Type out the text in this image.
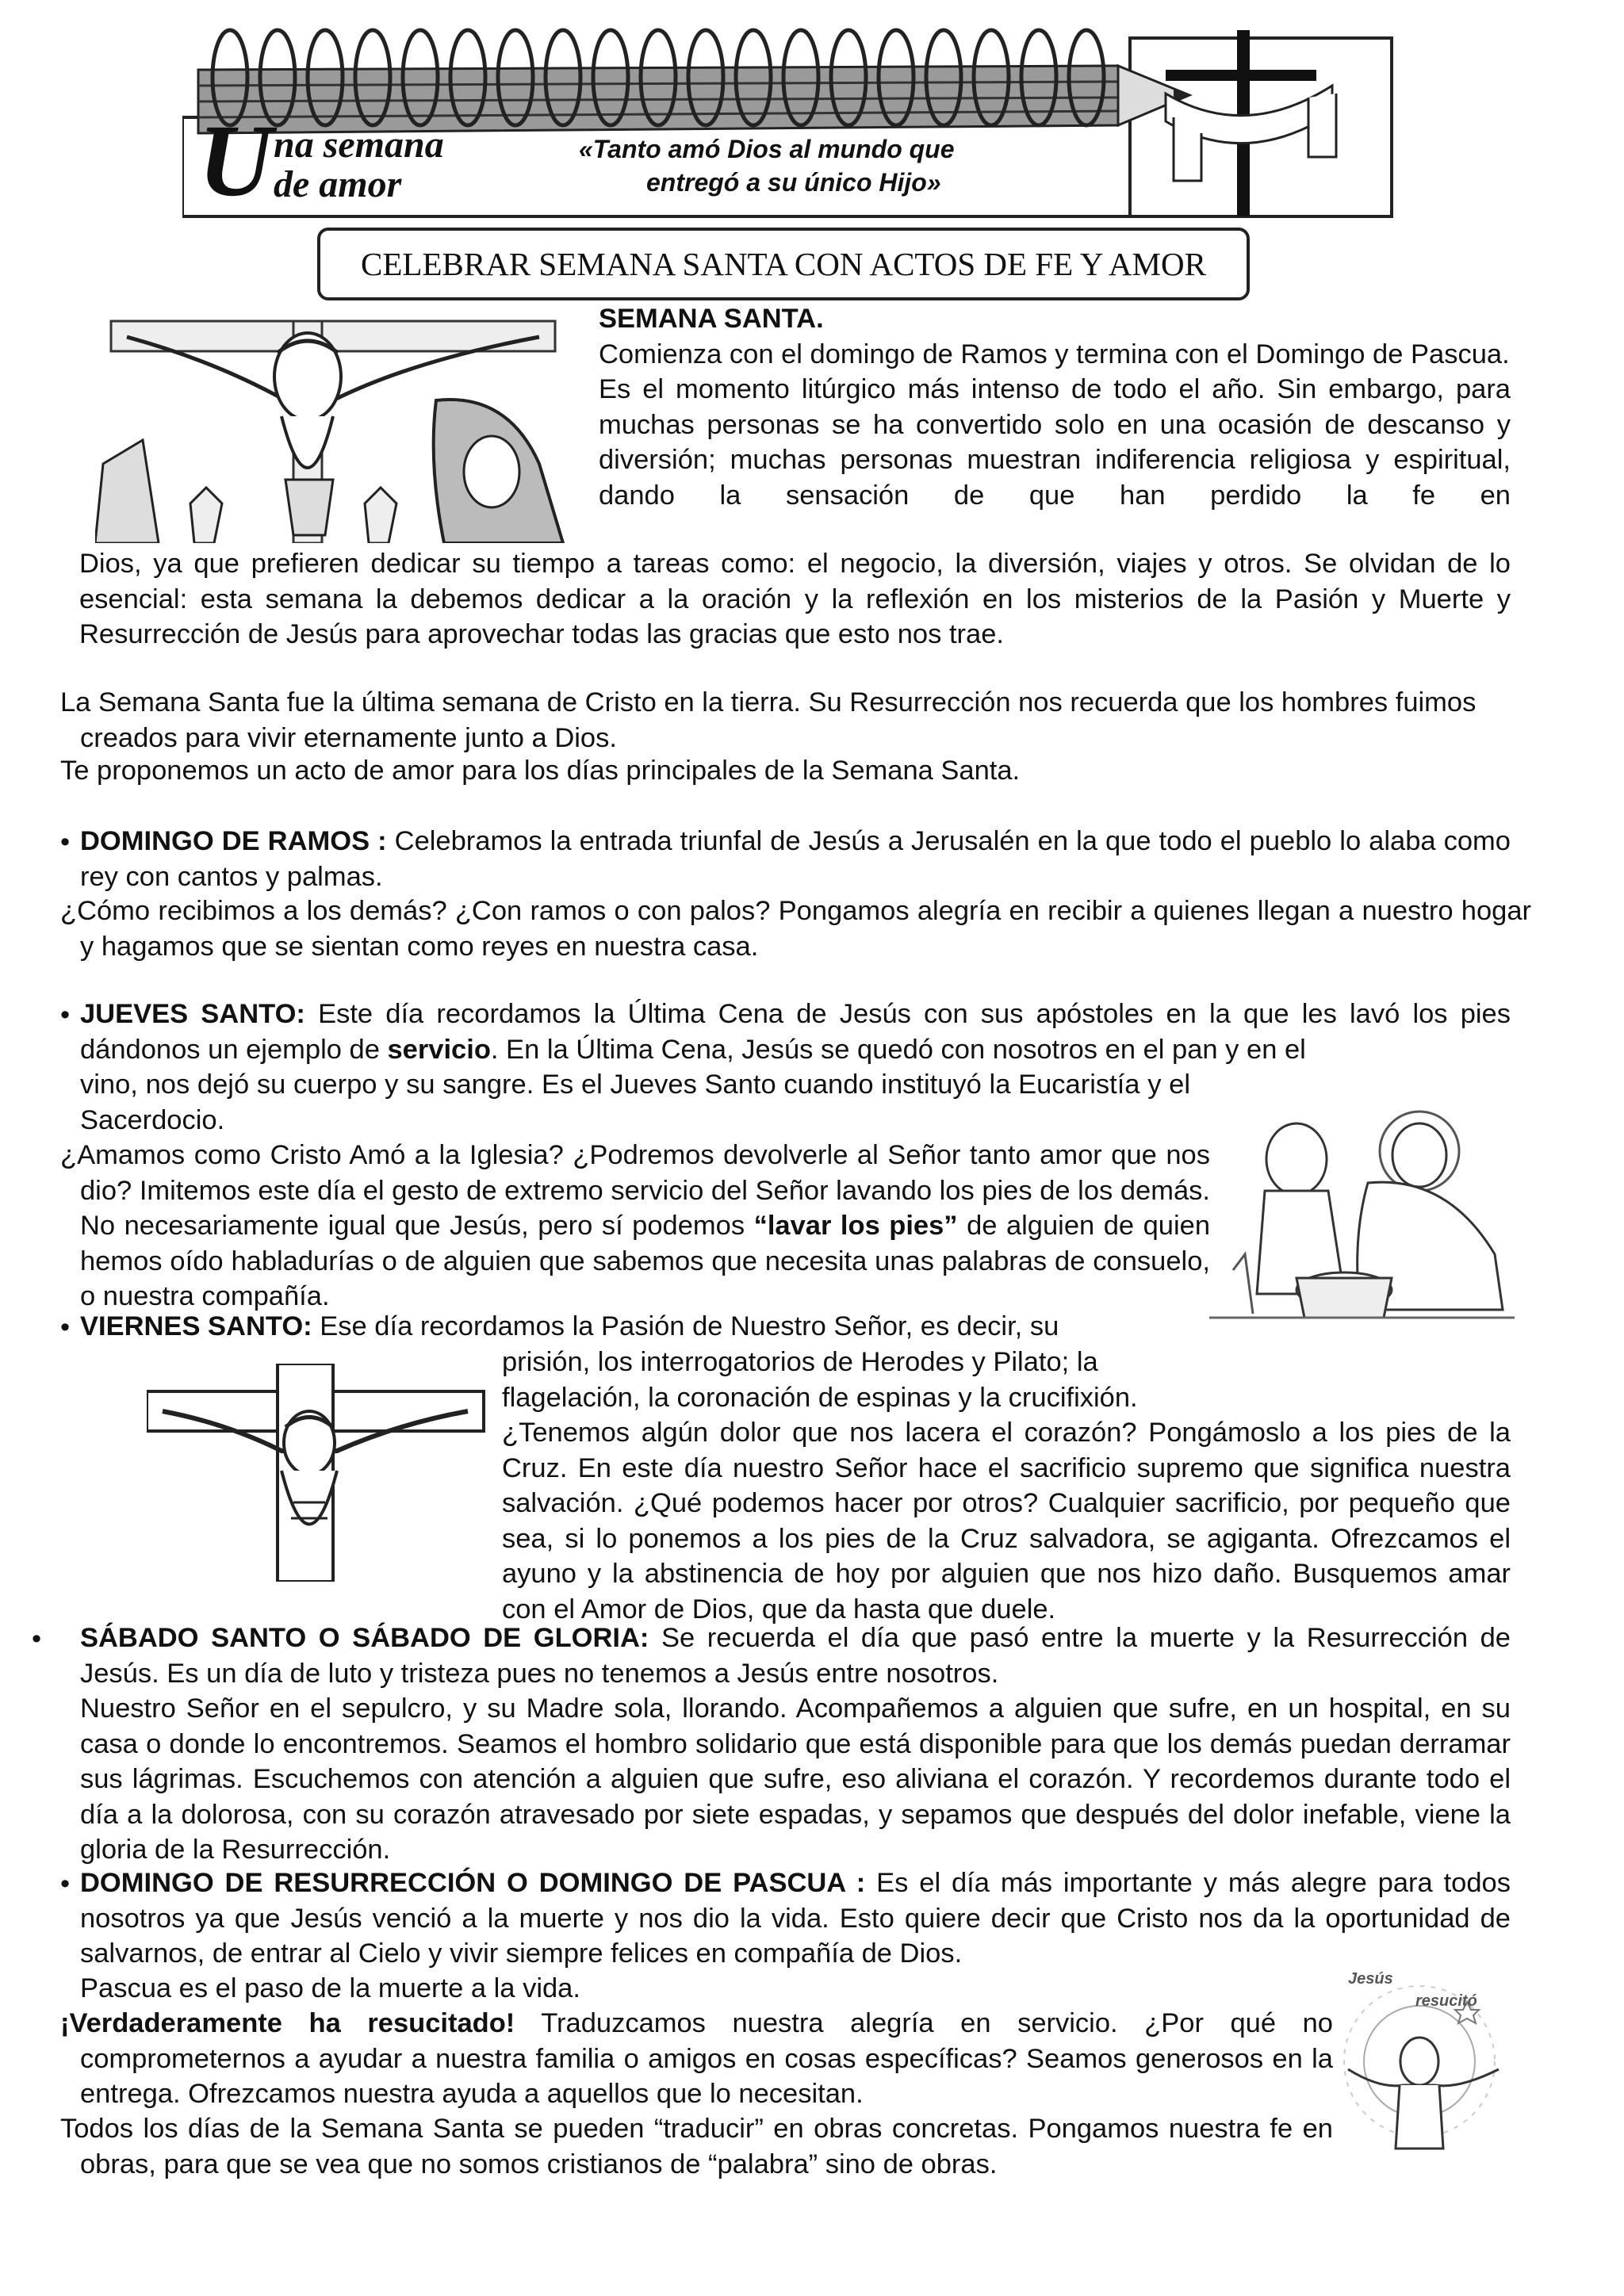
U na semana
de amor
«Tanto amó Dios al mundo que
entregó a su único Hijo»
CELEBRAR SEMANA SANTA CON ACTOS DE FE Y AMOR

SEMANA SANTA.

Comienza con el domingo de Ramos y termina con el Domingo de Pascua.

Es el momento litúrgico más intenso de todo el año. Sin embargo, para muchas personas se ha convertido solo en una ocasión de descanso y diversión; muchas personas muestran indiferencia religiosa y espiritual, dando la sensación de que han perdido la fe en

Dios, ya que prefieren dedicar su tiempo a tareas como: el negocio, la diversión, viajes y otros. Se olvidan de lo esencial: esta semana la debemos dedicar a la oración y la reflexión en los misterios de la Pasión y Muerte y Resurrección de Jesús para aprovechar todas las gracias que esto nos trae.

La Semana Santa fue la última semana de Cristo en la tierra. Su Resurrección nos recuerda que los hombres fuimos creados para vivir eternamente junto a Dios.

Te proponemos un acto de amor para los días principales de la Semana Santa.

• DOMINGO DE RAMOS : Celebramos la entrada triunfal de Jesús a Jerusalén en la que todo el pueblo lo alaba como rey con cantos y palmas.

¿Cómo recibimos a los demás? ¿Con ramos o con palos? Pongamos alegría en recibir a quienes llegan a nuestro hogar y hagamos que se sientan como reyes en nuestra casa.

• JUEVES SANTO: Este día recordamos la Última Cena de Jesús con sus apóstoles en la que les lavó los pies dándonos un ejemplo de servicio. En la Última Cena, Jesús se quedó con nosotros en el pan y en el

vino, nos dejó su cuerpo y su sangre. Es el Jueves Santo cuando instituyó la Eucaristía y el Sacerdocio.

¿Amamos como Cristo Amó a la Iglesia? ¿Podremos devolverle al Señor tanto amor que nos dio? Imitemos este día el gesto de extremo servicio del Señor lavando los pies de los demás. No necesariamente igual que Jesús, pero sí podemos “lavar los pies” de alguien de quien hemos oído habladurías o de alguien que sabemos que necesita unas palabras de consuelo, o nuestra compañía.

• VIERNES SANTO: Ese día recordamos la Pasión de Nuestro Señor, es decir, su

prisión, los interrogatorios de Herodes y Pilato; la flagelación, la coronación de espinas y la crucifixión.

¿Tenemos algún dolor que nos lacera el corazón? Pongámoslo a los pies de la Cruz. En este día nuestro Señor hace el sacrificio supremo que significa nuestra salvación. ¿Qué podemos hacer por otros? Cualquier sacrificio, por pequeño que sea, si lo ponemos a los pies de la Cruz salvadora, se agiganta. Ofrezcamos el ayuno y la abstinencia de hoy por alguien que nos hizo daño. Busquemos amar con el Amor de Dios, que da hasta que duele.

• SÁBADO SANTO O SÁBADO DE GLORIA: Se recuerda el día que pasó entre la muerte y la Resurrección de Jesús. Es un día de luto y tristeza pues no tenemos a Jesús entre nosotros.

Nuestro Señor en el sepulcro, y su Madre sola, llorando. Acompañemos a alguien que sufre, en un hospital, en su casa o donde lo encontremos. Seamos el hombro solidario que está disponible para que los demás puedan derramar sus lágrimas. Escuchemos con atención a alguien que sufre, eso aliviana el corazón. Y recordemos durante todo el día a la dolorosa, con su corazón atravesado por siete espadas, y sepamos que después del dolor inefable, viene la gloria de la Resurrección.

• DOMINGO DE RESURRECCIÓN O DOMINGO DE PASCUA : Es el día más importante y más alegre para todos nosotros ya que Jesús venció a la muerte y nos dio la vida. Esto quiere decir que Cristo nos da la oportunidad de salvarnos, de entrar al Cielo y vivir siempre felices en compañía de Dios.

Pascua es el paso de la muerte a la vida.

¡Verdaderamente ha resucitado! Traduzcamos nuestra alegría en servicio. ¿Por qué no comprometernos a ayudar a nuestra familia o amigos en cosas específicas? Seamos generosos en la entrega. Ofrezcamos nuestra ayuda a aquellos que lo necesitan.

Todos los días de la Semana Santa se pueden “traducir” en obras concretas. Pongamos nuestra fe en obras, para que se vea que no somos cristianos de “palabra” sino de obras.

Jesús
resucitó
